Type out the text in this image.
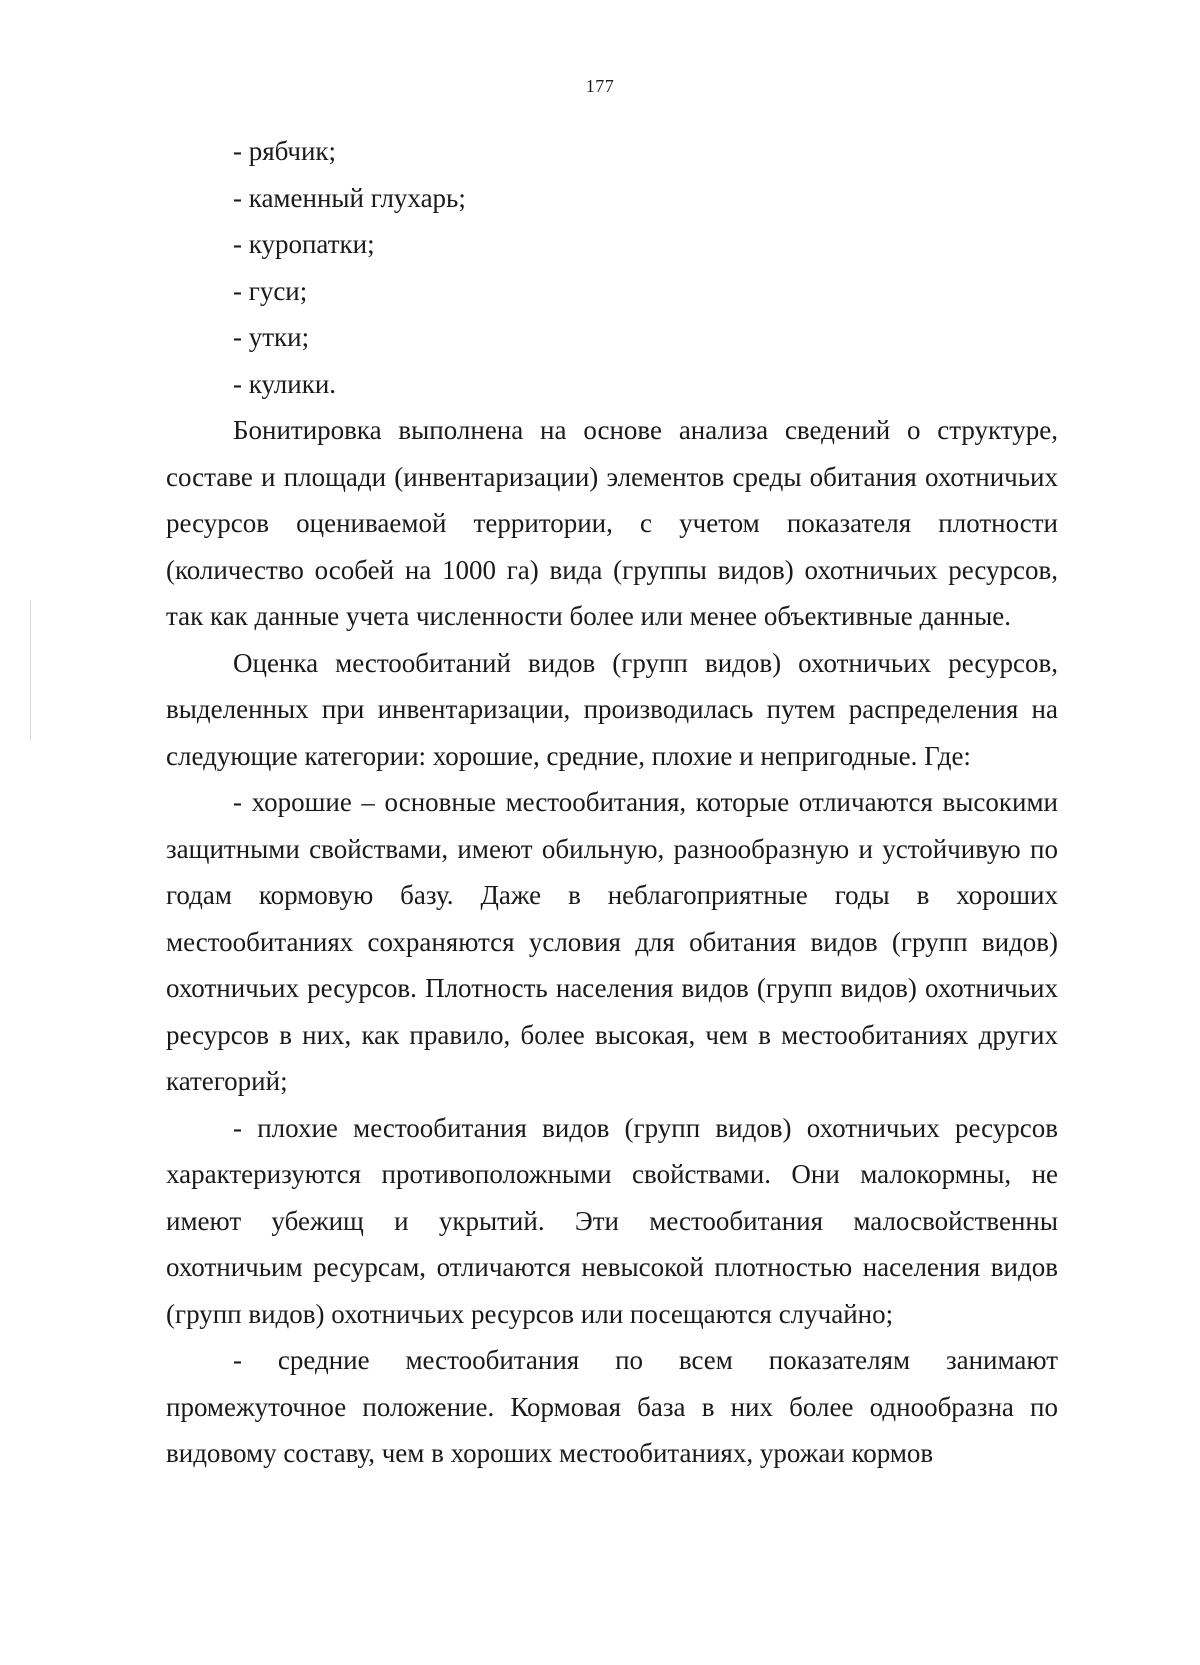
177
- рябчик;
- каменный глухарь;
- куропатки;
- гуси;
- утки;
- кулики.

Бонитировка выполнена на основе анализа сведений о структуре, составе и площади (инвентаризации) элементов среды обитания охотничьих ресурсов оцениваемой территории, с учетом показателя плотности (количество особей на 1000 га) вида (группы видов) охотничьих ресурсов, так как данные учета численности более или менее объективные данные.

Оценка местообитаний видов (групп видов) охотничьих ресурсов, выделенных при инвентаризации, производилась путем распределения на следующие категории: хорошие, средние, плохие и непригодные. Где:

- хорошие – основные местообитания, которые отличаются высокими защитными свойствами, имеют обильную, разнообразную и устойчивую по годам кормовую базу. Даже в неблагоприятные годы в хороших местообитаниях сохраняются условия для обитания видов (групп видов) охотничьих ресурсов. Плотность населения видов (групп видов) охотничьих ресурсов в них, как правило, более высокая, чем в местообитаниях других категорий;

- плохие местообитания видов (групп видов) охотничьих ресурсов характеризуются противоположными свойствами. Они малокормны, не имеют убежищ и укрытий. Эти местообитания малосвойственны охотничьим ресурсам, отличаются невысокой плотностью населения видов (групп видов) охотничьих ресурсов или посещаются случайно;

- средние местообитания по всем показателям занимают промежуточное положение. Кормовая база в них более однообразна по видовому составу, чем в хороших местообитаниях, урожаи кормов
